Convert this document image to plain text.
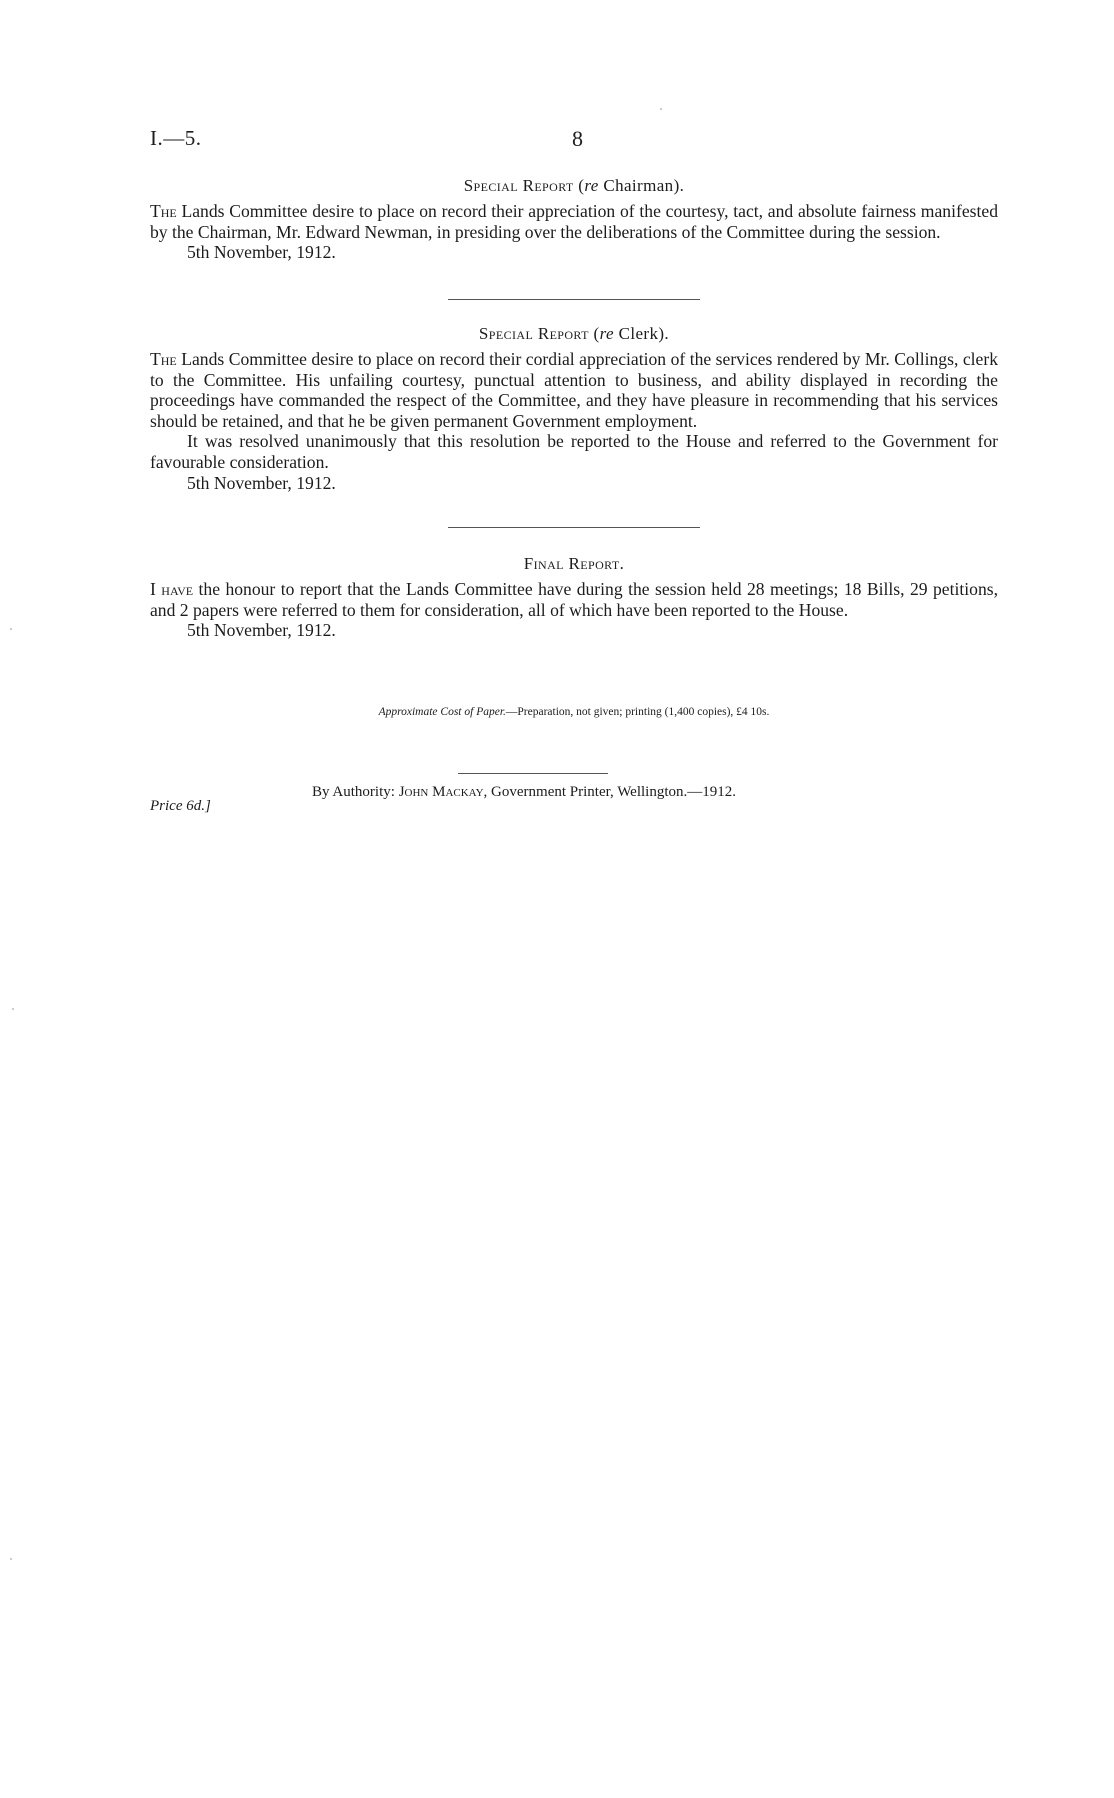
I.—5.	8
Special Report (re Chairman).
The Lands Committee desire to place on record their appreciation of the courtesy, tact, and absolute fairness manifested by the Chairman, Mr. Edward Newman, in presiding over the deliberations of the Committee during the session.
5th November, 1912.
Special Report (re Clerk).
The Lands Committee desire to place on record their cordial appreciation of the services rendered by Mr. Collings, clerk to the Committee. His unfailing courtesy, punctual attention to business, and ability displayed in recording the proceedings have commanded the respect of the Committee, and they have pleasure in recommending that his services should be retained, and that he be given permanent Government employment.
It was resolved unanimously that this resolution be reported to the House and referred to the Government for favourable consideration.
5th November, 1912.
Final Report.
I have the honour to report that the Lands Committee have during the session held 28 meetings; 18 Bills, 29 petitions, and 2 papers were referred to them for consideration, all of which have been reported to the House.
5th November, 1912.
Approximate Cost of Paper.—Preparation, not given; printing (1,400 copies), £4 10s.
By Authority: John Mackay, Government Printer, Wellington.—1912.
Price 6d.]
